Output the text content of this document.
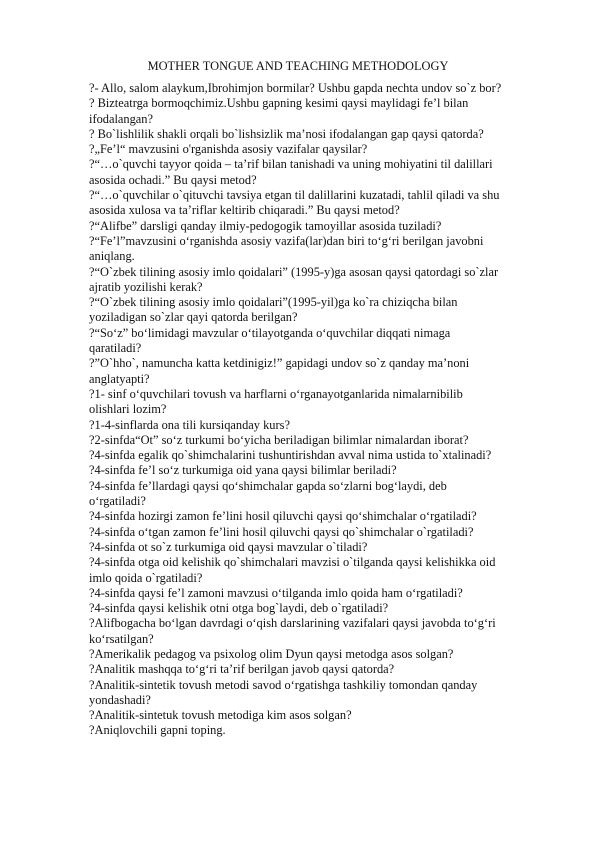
MOTHER TONGUE AND TEACHING METHODOLOGY
?- Allo, salom alaykum,Ibrohimjon bormilar? Ushbu gapda nechta undov so`z bor?
? Bizteatrga bormoqchimiz.Ushbu gapning kesimi qaysi maylidagi fe’l bilan
ifodalangan?
? Bo`lishlilik shakli orqali bo`lishsizlik ma’nosi ifodalangan gap qaysi qatorda?
?„Fe’l“ mavzusini o'rganishda asosiy vazifalar qaysilar?
?“…o`quvchi tayyor qoida – ta’rif bilan tanishadi va uning mohiyatini til dalillari
asosida ochadi.” Bu qaysi metod?
?“…o`quvchilar o`qituvchi tavsiya etgan til dalillarini kuzatadi, tahlil qiladi va shu
asosida xulosa va ta’riflar keltirib chiqaradi.” Bu qaysi metod?
?“Alifbe” darsligi qanday ilmiy-pedogogik tamoyillar asosida tuziladi?
?“Fe’l”mavzusini o‘rganishda asosiy vazifa(lar)dan biri to‘g‘ri berilgan javobni
aniqlang.
?“O`zbek tilining asosiy imlo qoidalari” (1995-y)ga asosan qaysi qatordagi so`zlar
ajratib yozilishi kerak?
?“O`zbek tilining asosiy imlo qoidalari”(1995-yil)ga ko`ra chiziqcha bilan
yoziladigan so`zlar qayi qatorda berilgan?
?“So‘z” bo‘limidagi mavzular o‘tilayotganda o‘quvchilar diqqati nimaga
qaratiladi?
?”O`hho`, namuncha katta ketdinigiz!” gapidagi undov so`z qanday ma’noni
anglatyapti?
?1- sinf o‘quvchilari tovush va harflarni o‘rganayotganlarida nimalarnibilib
olishlari lozim?
?1-4-sinflarda ona tili kursiqanday kurs?
?2-sinfda“Ot” so‘z turkumi bo‘yicha beriladigan bilimlar nimalardan iborat?
?4-sinfda egalik qo`shimchalarini tushuntirishdan avval nima ustida to`xtalinadi?
?4-sinfda fe’l so‘z turkumiga oid yana qaysi bilimlar beriladi?
?4-sinfda fe’llardagi qaysi qo‘shimchalar gapda so‘zlarni bog‘laydi, deb
o‘rgatiladi?
?4-sinfda hozirgi zamon fe’lini hosil qiluvchi qaysi qo‘shimchalar o‘rgatiladi?
?4-sinfda o‘tgan zamon fe’lini hosil qiluvchi qaysi qo`shimchalar o`rgatiladi?
?4-sinfda ot so`z turkumiga oid qaysi mavzular o`tiladi?
?4-sinfda otga oid kelishik qo`shimchalari mavzisi o`tilganda qaysi kelishikka oid
imlo qoida o`rgatiladi?
?4-sinfda qaysi fe’l zamoni mavzusi o‘tilganda imlo qoida ham o‘rgatiladi?
?4-sinfda qaysi kelishik otni otga bog`laydi, deb o`rgatiladi?
?Alifbogacha bo‘lgan davrdagi o‘qish darslarining vazifalari qaysi javobda to‘g‘ri
ko‘rsatilgan?
?Amerikalik pedagog va psixolog olim Dyun qaysi metodga asos solgan?
?Analitik mashqqa to‘g‘ri ta’rif berilgan javob qaysi qatorda?
?Analitik-sintetik tovush metodi savod o‘rgatishga tashkiliy tomondan qanday
yondashadi?
?Analitik-sintetuk tovush metodiga kim asos solgan?
?Aniqlovchili gapni toping.
